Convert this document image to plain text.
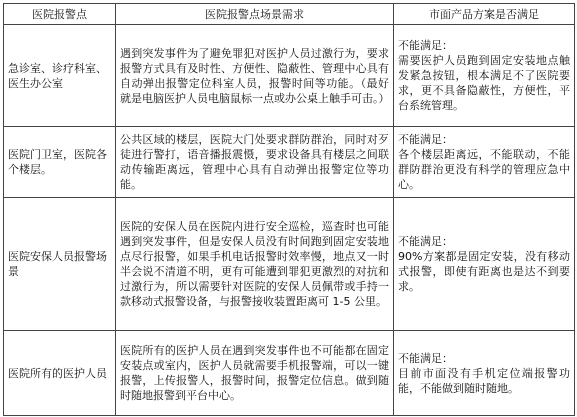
医院报警点	医院报警点场景需求	市面产品方案是否满足
急诊室、诊疗科室、医生办公室	遇到突发事件为了避免罪犯对医护人员过激行为，要求报警方式具有及时性、方便性、隐蔽性、管理中心具有自动弹出报警定位科室人员，报警时间等功能。（最好就是电脑医护人员电脑鼠标一点或办公桌上触手可击。）	不能满足：
需要医护人员跑到固定安装地点触发紧急按钮，根本满足不了医院要求，更不具备隐蔽性，方便性，平台系统管理。

医院门卫室，医院各个楼层。	公共区域的楼层，医院大门处要求群防群治，同时对歹徒进行警打，语音播报震慑，要求设备具有楼层之间联动传输距离远，管理中心具有自动弹出报警定位等功能。	不能满足：
各个楼层距离远，不能联动，不能群防群治更没有科学的管理应急中心。

医院安保人员报警场景	医院的安保人员在医院内进行安全巡检，巡查时也可能遇到突发事件，但是安保人员没有时间跑到固定安装地点尽行报警，如果手机电话报警时效率慢，地点又一时半会说不清道不明，更有可能遭到罪犯更激烈的对抗和过激行为，所以需要针对医院的安保人员佩带或手持一款移动式报警设备，与报警接收装置距离可 1-5 公里。	不能满足：
90%方案都是固定安装，没有移动式报警，即使有距离也是达不到要求。

医院所有的医护人员	医院所有的医护人员在遇到突发事件也不可能都在固定安装点或室内，医护人员就需要手机报警端，可以一键报警，上传报警人，报警时间，报警定位信息。做到随时随地报警到平台中心。	不能满足：
目前市面没有手机定位端报警功能，不能做到随时随地。
